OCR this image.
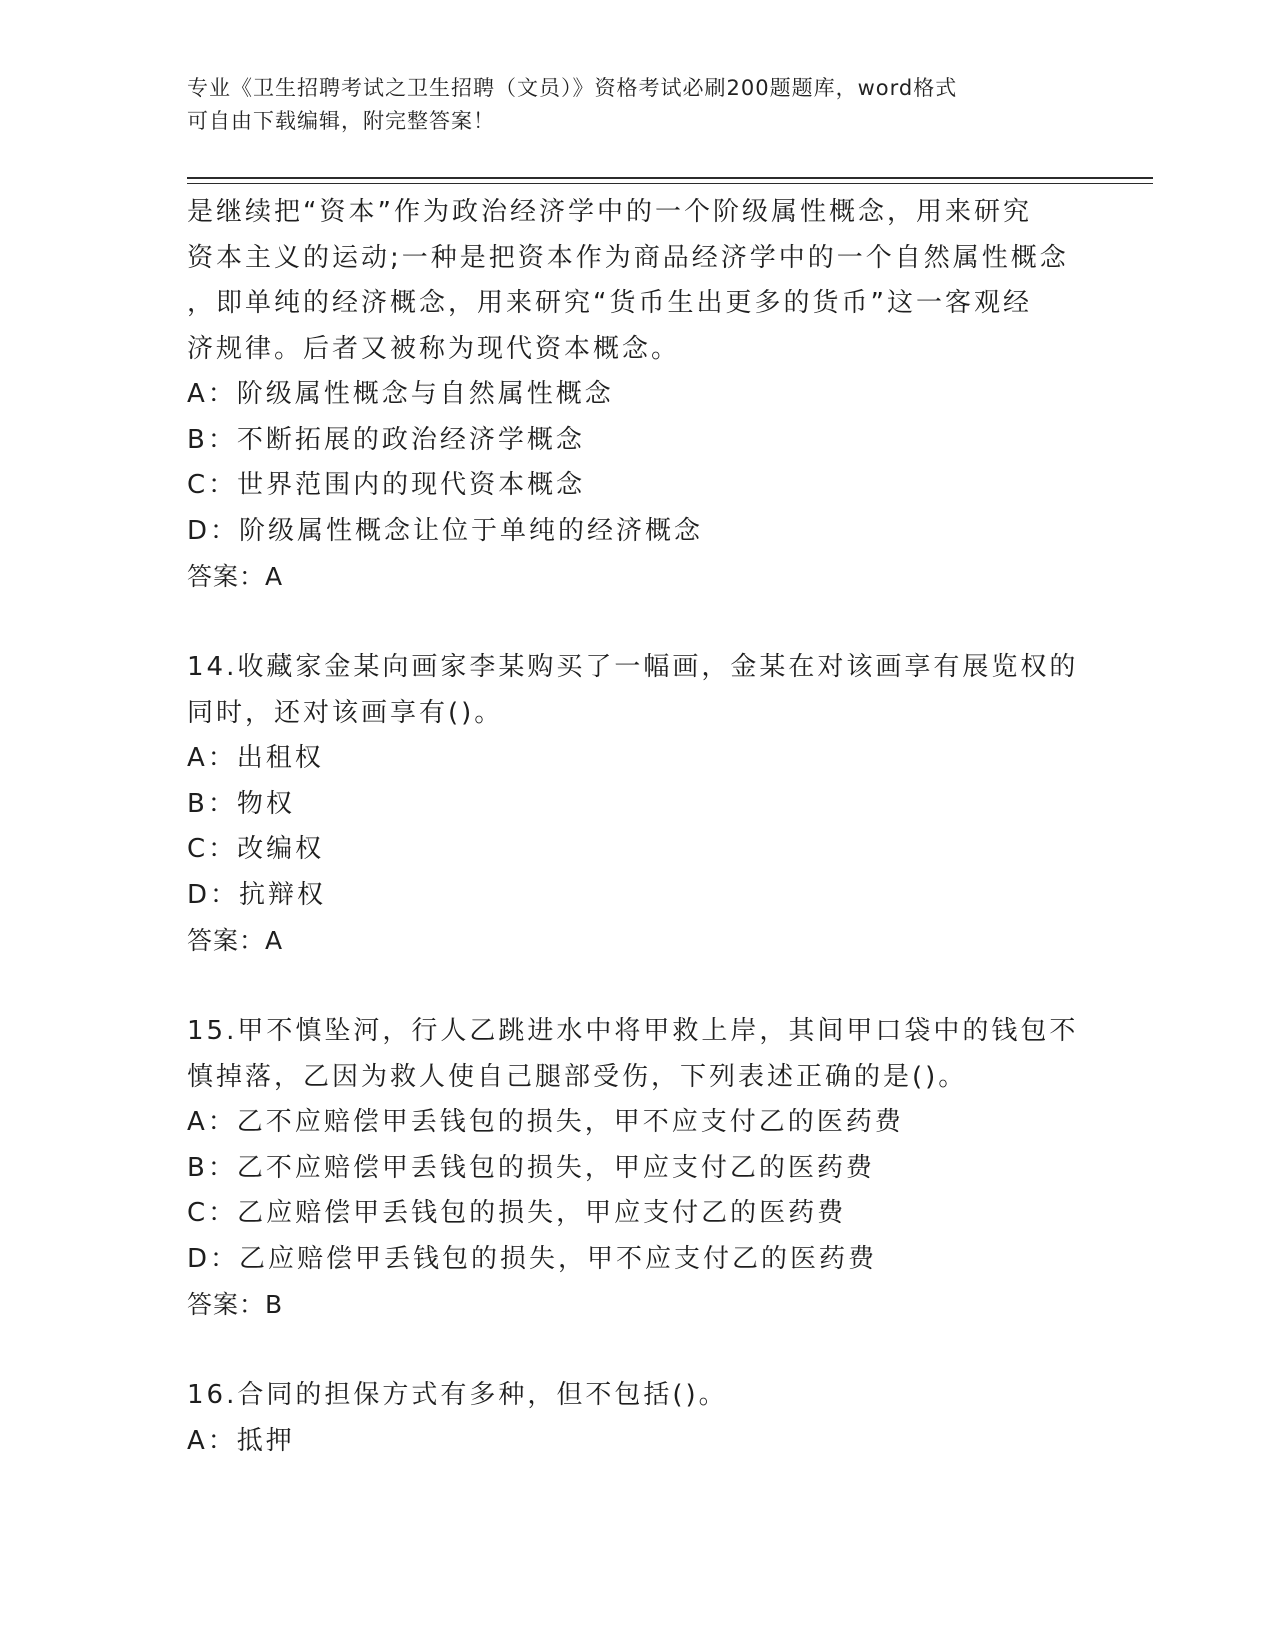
专业《卫生招聘考试之卫生招聘（文员）》资格考试必刷200题题库，word格式
可自由下载编辑，附完整答案！
是继续把“资本”作为政治经济学中的一个阶级属性概念，用来研究
资本主义的运动;一种是把资本作为商品经济学中的一个自然属性概念
，即单纯的经济概念，用来研究“货币生出更多的货币”这一客观经
济规律。后者又被称为现代资本概念。
A：阶级属性概念与自然属性概念
B：不断拓展的政治经济学概念
C：世界范围内的现代资本概念
D：阶级属性概念让位于单纯的经济概念
答案：A
14.收藏家金某向画家李某购买了一幅画，金某在对该画享有展览权的
同时，还对该画享有()。
A：出租权
B：物权
C：改编权
D：抗辩权
答案：A
15.甲不慎坠河，行人乙跳进水中将甲救上岸，其间甲口袋中的钱包不
慎掉落，乙因为救人使自己腿部受伤，下列表述正确的是()。
A：乙不应赔偿甲丢钱包的损失，甲不应支付乙的医药费
B：乙不应赔偿甲丢钱包的损失，甲应支付乙的医药费
C：乙应赔偿甲丢钱包的损失，甲应支付乙的医药费
D：乙应赔偿甲丢钱包的损失，甲不应支付乙的医药费
答案：B
16.合同的担保方式有多种，但不包括()。
A：抵押
